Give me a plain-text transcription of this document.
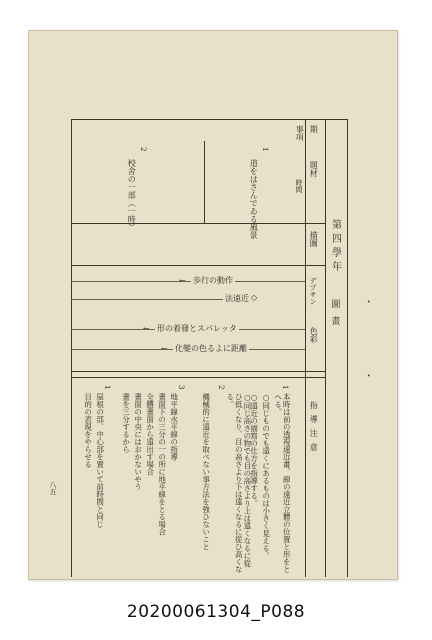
事項 期
題材
時間
描圖
デプサン
色彩
指導注意
第四學年
圖畫
1
道をはさんでゐる風景
2
校舍の一部（一時）
← 歩行の動作
法遠近 ◇
← 形の着發とスパレッタ
← 化變の色るよに距離
1
本時は前の透視遠近畫、線の遠近立體の位置と形をとへる。
○同じものでも遠くにあるものは小さく見える。
○遠近の描寫の仕方を指導する。
○同じ高さの物でも目の高さより上は遠くなるに從ひ低くなり、目の高さより下は遠くなるに從ひ高くなる。
2
機械的に遠近を取べない事方法を強ひないこと
3
地平線水平線の指導
畫面下の三分の一の所に地平線をとる場合
全體畫面から遠出す場合
畫面の中央にはおかないやう
畫を三分するから
1
屋根の部、中心部を置いて前時間と同じ
目的の表現をやらせる
八五
•
•
20200061304_P088
